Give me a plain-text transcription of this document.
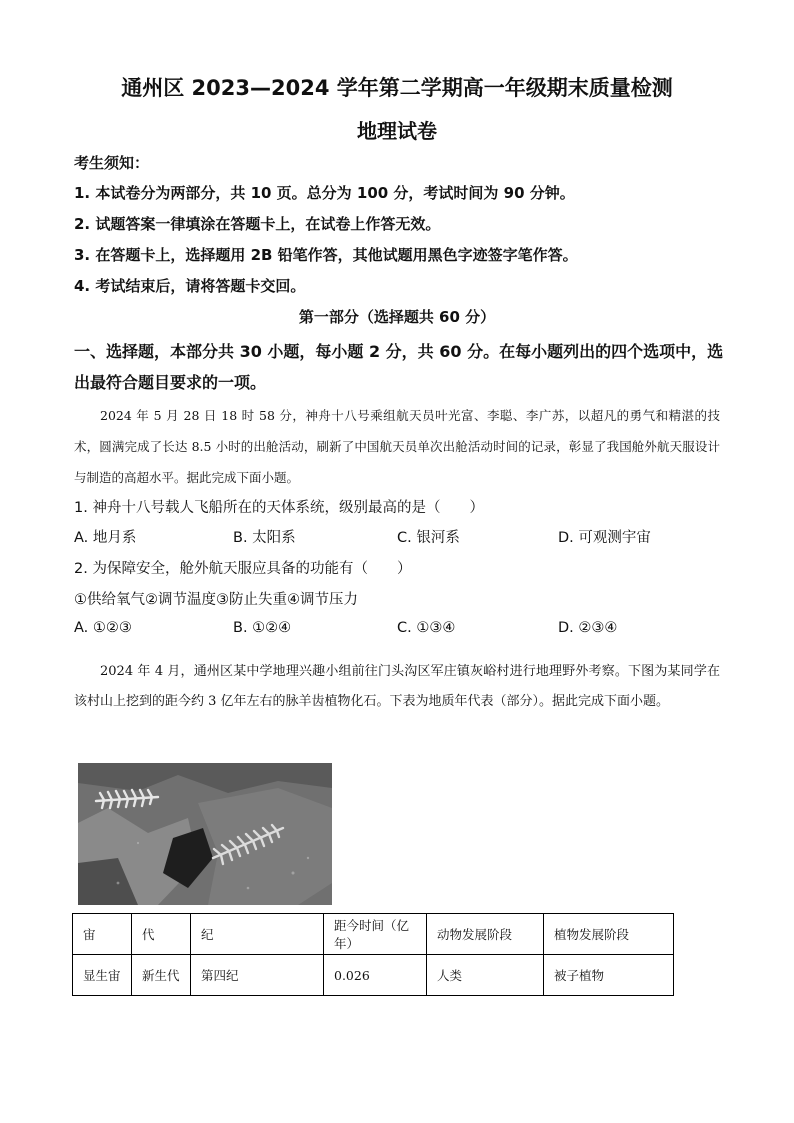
通州区 2023—2024 学年第二学期高一年级期末质量检测
地理试卷
考生须知：
1. 本试卷分为两部分，共 10 页。总分为 100 分，考试时间为 90 分钟。
2. 试题答案一律填涂在答题卡上，在试卷上作答无效。
3. 在答题卡上，选择题用 2B 铅笔作答，其他试题用黑色字迹签字笔作答。
4. 考试结束后，请将答题卡交回。
第一部分（选择题共 60 分）
一、选择题，本部分共 30 小题，每小题 2 分，共 60 分。在每小题列出的四个选项中，选出最符合题目要求的一项。
2024 年 5 月 28 日 18 时 58 分，神舟十八号乘组航天员叶光富、李聪、李广苏，以超凡的勇气和精湛的技术，圆满完成了长达 8.5 小时的出舱活动，刷新了中国航天员单次出舱活动时间的记录，彰显了我国舱外航天服设计与制造的高超水平。据此完成下面小题。
1. 神舟十八号载人飞船所在的天体系统，级别最高的是（　　）
A. 地月系	B. 太阳系	C. 银河系	D. 可观测宇宙
2. 为保障安全，舱外航天服应具备的功能有（　　）
①供给氧气②调节温度③防止失重④调节压力
A. ①②③	B. ①②④	C. ①③④	D. ②③④
2024 年 4 月，通州区某中学地理兴趣小组前往门头沟区军庄镇灰峪村进行地理野外考察。下图为某同学在该村山上挖到的距今约 3 亿年左右的脉羊齿植物化石。下表为地质年代表（部分）。据此完成下面小题。
宙	代	纪	距今时间（亿年）	动物发展阶段	植物发展阶段
显生宙	新生代	第四纪	0.026	人类	被子植物
